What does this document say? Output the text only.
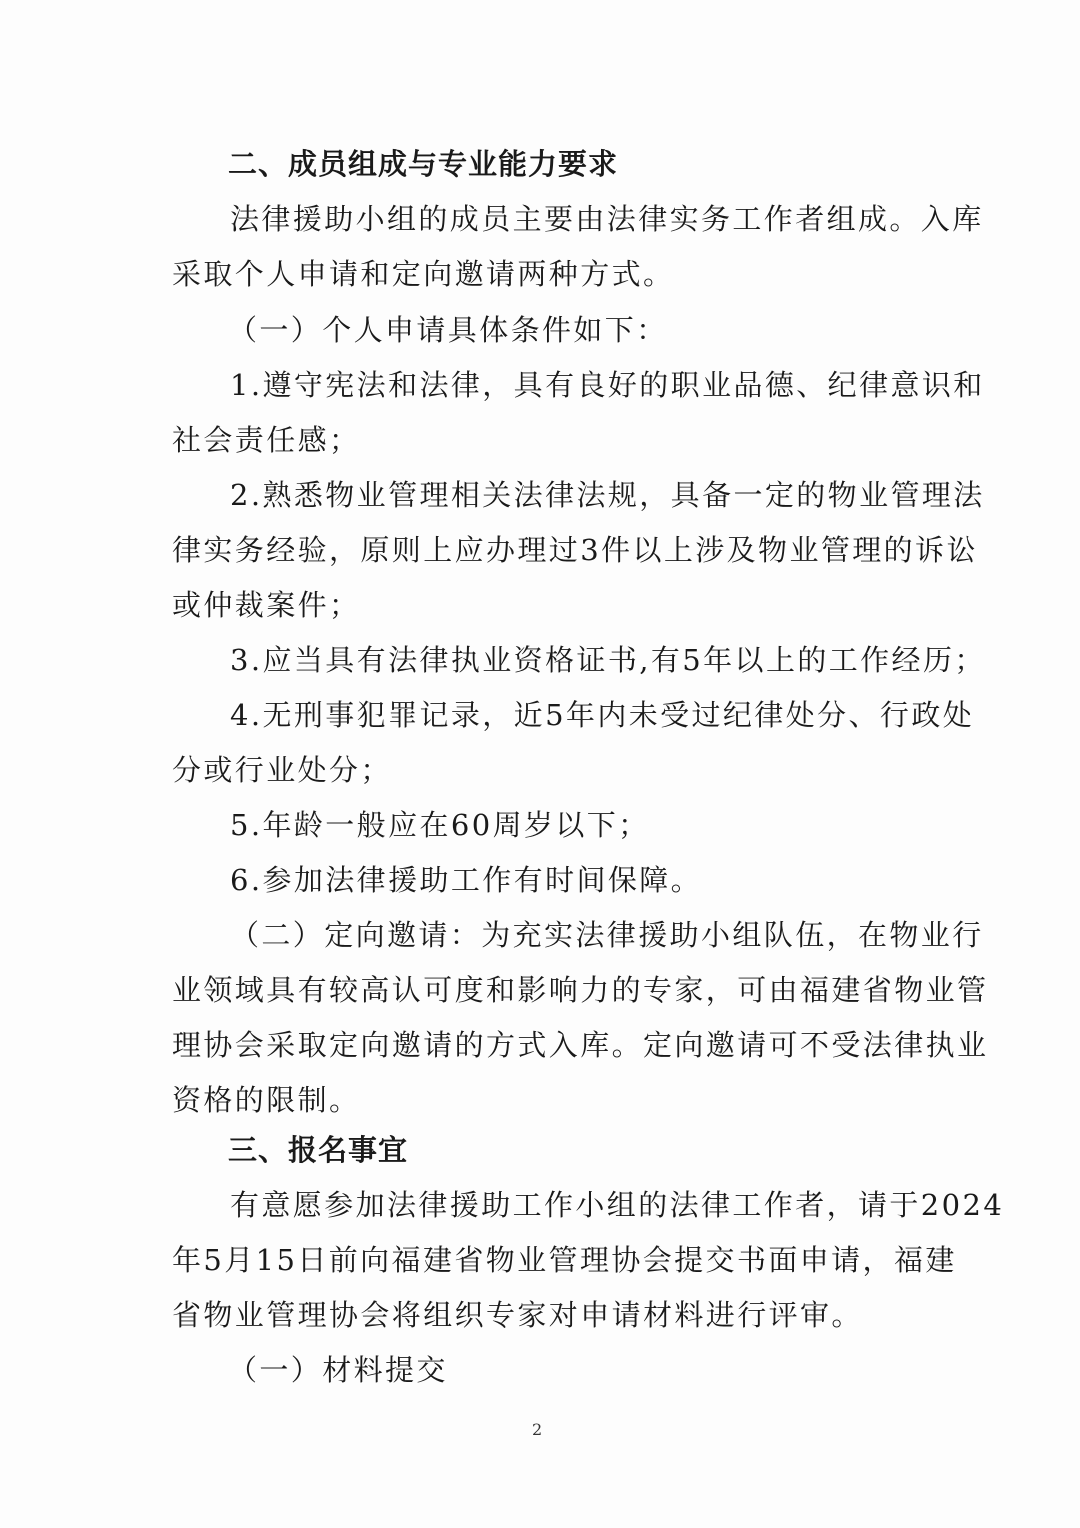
二、成员组成与专业能力要求
法律援助小组的成员主要由法律实务工作者组成。入库
采取个人申请和定向邀请两种方式。
（一）个人申请具体条件如下：
1.遵守宪法和法律，具有良好的职业品德、纪律意识和
社会责任感；
2.熟悉物业管理相关法律法规，具备一定的物业管理法
律实务经验，原则上应办理过3件以上涉及物业管理的诉讼
或仲裁案件；
3.应当具有法律执业资格证书,有5年以上的工作经历；
4.无刑事犯罪记录，近5年内未受过纪律处分、行政处
分或行业处分；
5.年龄一般应在60周岁以下；
6.参加法律援助工作有时间保障。
（二）定向邀请：为充实法律援助小组队伍，在物业行
业领域具有较高认可度和影响力的专家，可由福建省物业管
理协会采取定向邀请的方式入库。定向邀请可不受法律执业
资格的限制。
三、报名事宜
有意愿参加法律援助工作小组的法律工作者，请于2024
年5月15日前向福建省物业管理协会提交书面申请，福建
省物业管理协会将组织专家对申请材料进行评审。
（一）材料提交
2
